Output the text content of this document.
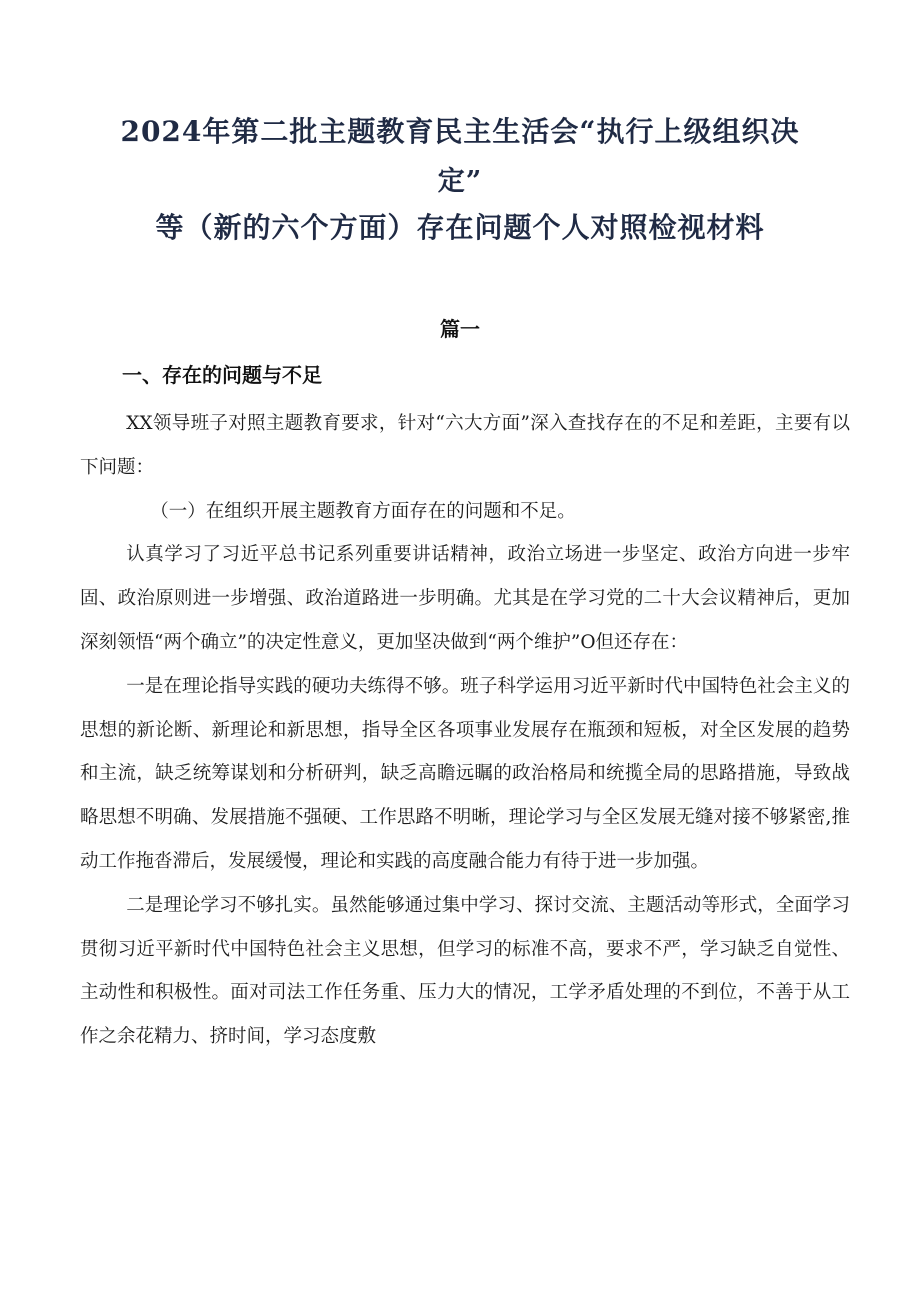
2024年第二批主题教育民主生活会“执行上级组织决
定”
等（新的六个方面）存在问题个人对照检视材料
篇一
一、存在的问题与不足

XX领导班子对照主题教育要求，针对“六大方面”深入查找存在的不足和差距，主要有以下问题：

（一）在组织开展主题教育方面存在的问题和不足。

认真学习了习近平总书记系列重要讲话精神，政治立场进一步坚定、政治方向进一步牢固、政治原则进一步增强、政治道路进一步明确。尤其是在学习党的二十大会议精神后，更加深刻领悟“两个确立”的决定性意义，更加坚决做到“两个维护”O但还存在：

一是在理论指导实践的硬功夫练得不够。班子科学运用习近平新时代中国特色社会主义的思想的新论断、新理论和新思想，指导全区各项事业发展存在瓶颈和短板，对全区发展的趋势和主流，缺乏统筹谋划和分析研判，缺乏高瞻远瞩的政治格局和统揽全局的思路措施，导致战略思想不明确、发展措施不强硬、工作思路不明晰，理论学习与全区发展无缝对接不够紧密,推动工作拖沓滞后，发展缓慢，理论和实践的高度融合能力有待于进一步加强。

二是理论学习不够扎实。虽然能够通过集中学习、探讨交流、主题活动等形式，全面学习贯彻习近平新时代中国特色社会主义思想，但学习的标准不高，要求不严，学习缺乏自觉性、主动性和积极性。面对司法工作任务重、压力大的情况，工学矛盾处理的不到位，不善于从工作之余花精力、挤时间，学习态度敷
